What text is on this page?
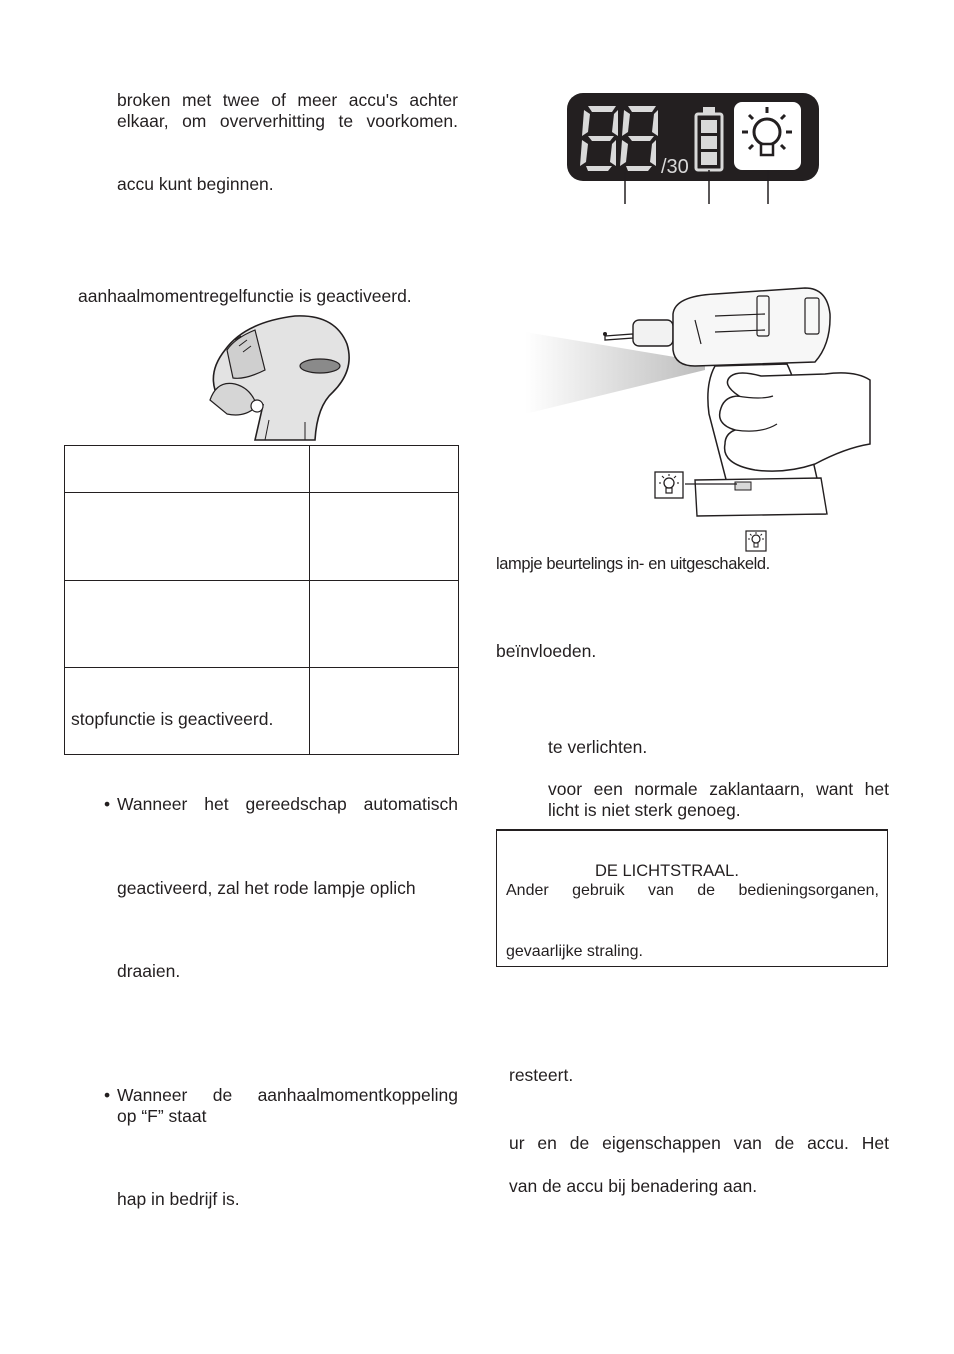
broken met twee of meer accu's achter
elkaar, om oververhitting te voorkomen.
accu kunt beginnen.
aanhaalmomentregelfunctie is geactiveerd.

stopfunctie is geactiveerd.	

• Wanneer het gereedschap automatisch
geactiveerd, zal het rode lampje oplich
draaien.
• Wanneer de aanhaalmomentkoppeling
op “F” staat
hap in bedrijf is.
/30
lampje beurtelings in- en uitgeschakeld.
beïnvloeden.
te verlichten.
voor een normale zaklantaarn, want het
licht is niet sterk genoeg.
DE LICHTSTRAAL.
Ander gebruik van de bedieningsorganen,
gevaarlijke straling.
resteert.
ur en de eigenschappen van de accu. Het
van de accu bij benadering aan.
